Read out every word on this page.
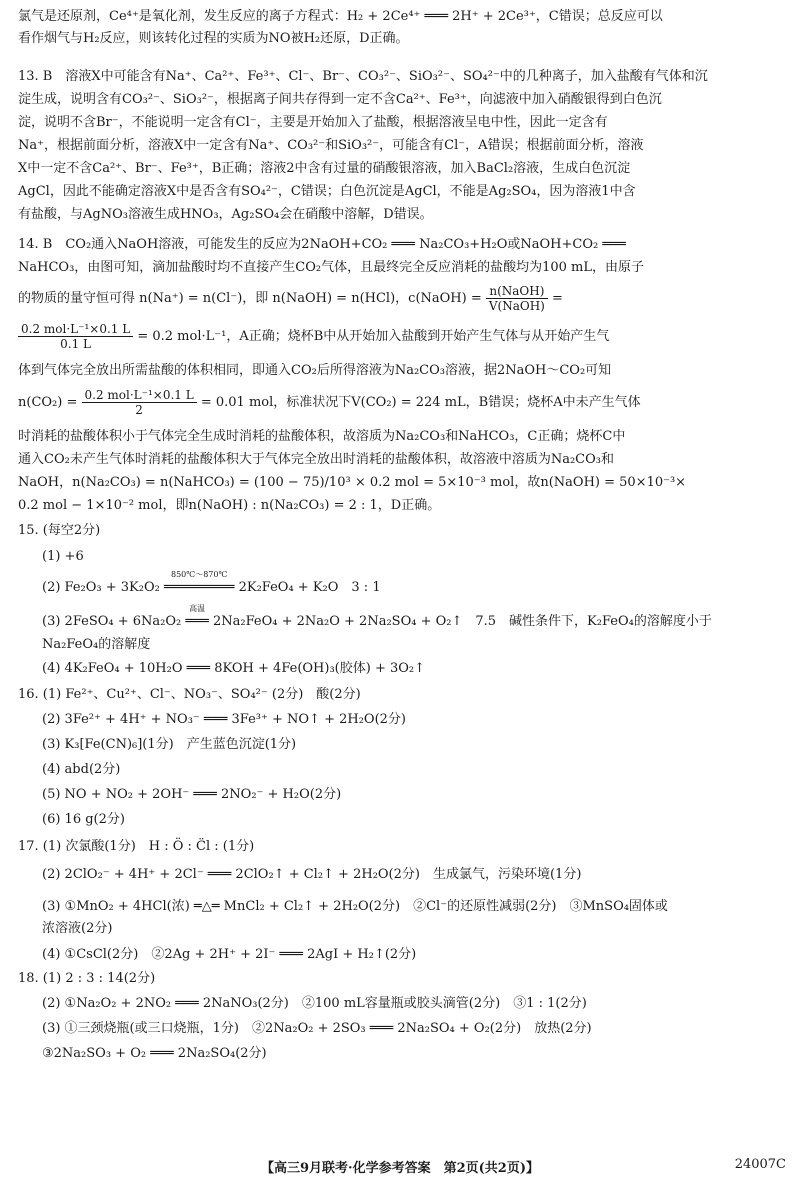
氯气是还原剂，Ce⁴⁺是氧化剂，发生反应的离子方程式：H₂ + 2Ce⁴⁺ ═══ 2H⁺ + 2Ce³⁺，C错误；总反应可以
看作烟气与H₂反应，则该转化过程的实质为NO被H₂还原，D正确。
13. B　溶液X中可能含有Na⁺、Ca²⁺、Fe³⁺、Cl⁻、Br⁻、CO₃²⁻、SiO₃²⁻、SO₄²⁻中的几种离子，加入盐酸有气体和沉
淀生成，说明含有CO₃²⁻、SiO₃²⁻，根据离子间共存得到一定不含Ca²⁺、Fe³⁺，向滤液中加入硝酸银得到白色沉
淀，说明不含Br⁻，不能说明一定含有Cl⁻，主要是开始加入了盐酸，根据溶液呈电中性，因此一定含有
Na⁺，根据前面分析，溶液X中一定含有Na⁺、CO₃²⁻和SiO₃²⁻，可能含有Cl⁻，A错误；根据前面分析，溶液
X中一定不含Ca²⁺、Br⁻、Fe³⁺，B正确；溶液2中含有过量的硝酸银溶液，加入BaCl₂溶液，生成白色沉淀
AgCl，因此不能确定溶液X中是否含有SO₄²⁻，C错误；白色沉淀是AgCl，不能是Ag₂SO₄，因为溶液1中含
有盐酸，与AgNO₃溶液生成HNO₃，Ag₂SO₄会在硝酸中溶解，D错误。
14. B　CO₂通入NaOH溶液，可能发生的反应为2NaOH+CO₂ ═══ Na₂CO₃+H₂O或NaOH+CO₂ ═══
NaHCO₃，由图可知，滴加盐酸时均不直接产生CO₂气体，且最终完全反应消耗的盐酸均为100 mL，由原子
的物质的量守恒可得 n(Na⁺) = n(Cl⁻)，即 n(NaOH) = n(HCl)，c(NaOH) = $\frac{\text{n(NaOH)}}{\text{V(NaOH)}}$ =
$\frac{\text{0.2 mol·L⁻¹×0.1 L}}{0.1 L} = 0.2$ mol·L⁻¹，A正确；烧杯B中从开始加入盐酸到开始产生气体与从开始产生气
体到气体完全放出所需盐酸的体积相同，即通入CO₂后所得溶液为Na₂CO₃溶液，据2NaOH～CO₂可知
$n(CO_2) = \frac{\text{0.2 mol·L⁻¹×0.1 L}}{2} = 0.01$ mol，标准状况下V(CO₂) = 224 mL，B错误；烧杯A中未产生气体
时消耗的盐酸体积小于气体完全生成时消耗的盐酸体积，故溶质为Na₂CO₃和NaHCO₃，C正确；烧杯C中
通入CO₂未产生气体时消耗的盐酸体积大于气体完全放出时消耗的盐酸体积，故溶液中溶质为Na₂CO₃和
NaOH，n(Na₂CO₃) = n(NaHCO₃) = (100 − 75)/10³ × 0.2 mol = 5×10⁻³ mol，故n(NaOH) = 50×10⁻³×
0.2 mol − 1×10⁻² mol，即n(NaOH) : n(Na₂CO₃) = 2 : 1，D正确。
15. (每空2分)
(1) +6
(2) Fe₂O₃ + 3K₂O₂ ═════════
850℃～870℃
2K₂FeO₄ + K₂O　3 : 1
(3) 2FeSO₄ + 6Na₂O₂ ═══
高温
2Na₂FeO₄ + 2Na₂O + 2Na₂SO₄ + O₂↑　7.5　碱性条件下，K₂FeO₄的溶解度小于
Na₂FeO₄的溶解度
(4) 4K₂FeO₄ + 10H₂O ═══ 8KOH + 4Fe(OH)₃(胶体) + 3O₂↑
16. (1) Fe²⁺、Cu²⁺、Cl⁻、NO₃⁻、SO₄²⁻ (2分)　酸(2分)
(2) 3Fe²⁺ + 4H⁺ + NO₃⁻ ═══ 3Fe³⁺ + NO↑ + 2H₂O(2分)
(3) K₃[Fe(CN)₆](1分)　产生蓝色沉淀(1分)
(4) abd(2分)
(5) NO + NO₂ + 2OH⁻ ═══ 2NO₂⁻ + H₂O(2分)
(6) 16 g(2分)
17. (1) 次氯酸(1分)　H : Ö : C̈l : (1分)
(2) 2ClO₂⁻ + 4H⁺ + 2Cl⁻ ═══ 2ClO₂↑ + Cl₂↑ + 2H₂O(2分)　生成氯气，污染环境(1分)
(3) ①MnO₂ + 4HCl(浓) ═△═ MnCl₂ + Cl₂↑ + 2H₂O(2分)　②Cl⁻的还原性减弱(2分)　③MnSO₄固体或
浓溶液(2分)
(4) ①CsCl(2分)　②2Ag + 2H⁺ + 2I⁻ ═══ 2AgI + H₂↑(2分)
18. (1) 2 : 3 : 14(2分)
(2) ①Na₂O₂ + 2NO₂ ═══ 2NaNO₃(2分)　②100 mL容量瓶或胶头滴管(2分)　③1 : 1(2分)
(3) ①三颈烧瓶(或三口烧瓶，1分)　②2Na₂O₂ + 2SO₃ ═══ 2Na₂SO₄ + O₂(2分)　放热(2分)
③2Na₂SO₃ + O₂ ═══ 2Na₂SO₄(2分)
【高三9月联考·化学参考答案　第2页(共2页)】	24007C
